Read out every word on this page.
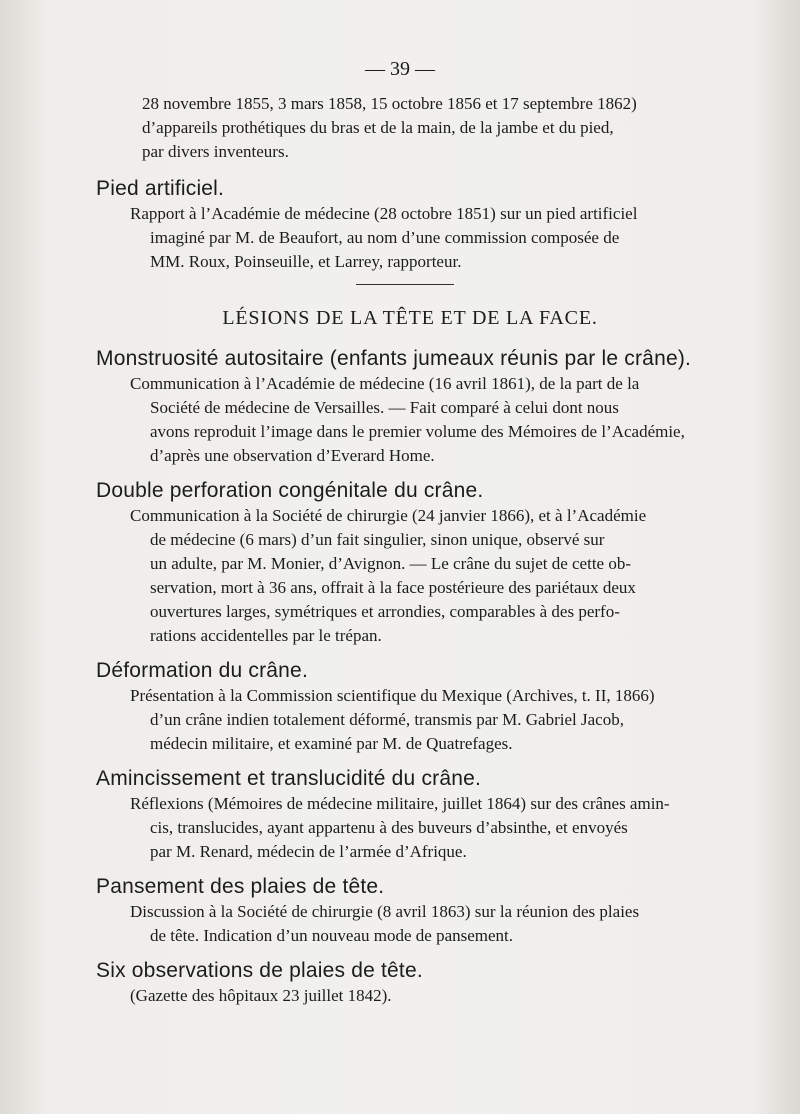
— 39 —
28 novembre 1855, 3 mars 1858, 15 octobre 1856 et 17 septembre 1862)
d’appareils prothétiques du bras et de la main, de la jambe et du pied,
par divers inventeurs.
Pied artificiel.
Rapport à l’Académie de médecine (28 octobre 1851) sur un pied artificiel
imaginé par M. de Beaufort, au nom d’une commission composée de
MM. Roux, Poinseuille, et Larrey, rapporteur.
LÉSIONS DE LA TÊTE ET DE LA FACE.
Monstruosité autositaire (enfants jumeaux réunis par le crâne).
Communication à l’Académie de médecine (16 avril 1861), de la part de la
Société de médecine de Versailles. — Fait comparé à celui dont nous
avons reproduit l’image dans le premier volume des Mémoires de l’Académie,
d’après une observation d’Everard Home.
Double perforation congénitale du crâne.
Communication à la Société de chirurgie (24 janvier 1866), et à l’Académie
de médecine (6 mars) d’un fait singulier, sinon unique, observé sur
un adulte, par M. Monier, d’Avignon. — Le crâne du sujet de cette ob-
servation, mort à 36 ans, offrait à la face postérieure des pariétaux deux
ouvertures larges, symétriques et arrondies, comparables à des perfo-
rations accidentelles par le trépan.
Déformation du crâne.
Présentation à la Commission scientifique du Mexique (Archives, t. II, 1866)
d’un crâne indien totalement déformé, transmis par M. Gabriel Jacob,
médecin militaire, et examiné par M. de Quatrefages.
Amincissement et translucidité du crâne.
Réflexions (Mémoires de médecine militaire, juillet 1864) sur des crânes amin-
cis, translucides, ayant appartenu à des buveurs d’absinthe, et envoyés
par M. Renard, médecin de l’armée d’Afrique.
Pansement des plaies de tête.
Discussion à la Société de chirurgie (8 avril 1863) sur la réunion des plaies
de tête. Indication d’un nouveau mode de pansement.
Six observations de plaies de tête.
(Gazette des hôpitaux 23 juillet 1842).
